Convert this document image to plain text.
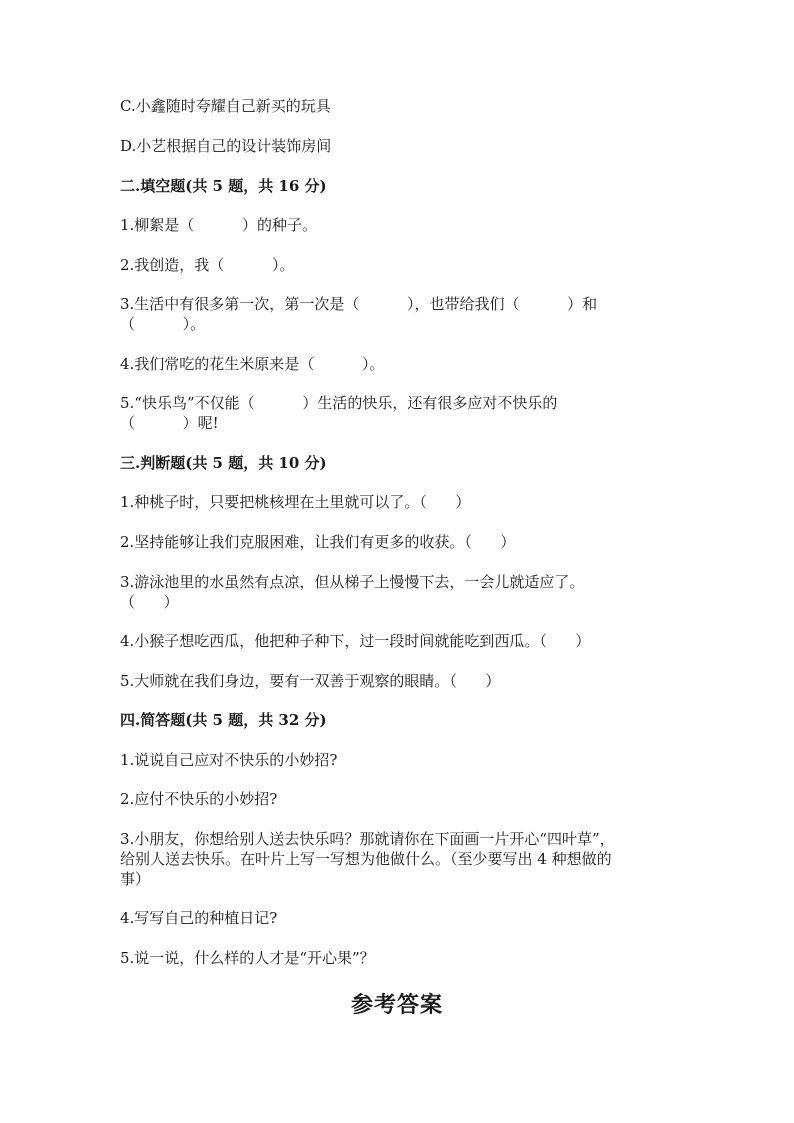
C.小鑫随时夸耀自己新买的玩具
D.小艺根据自己的设计装饰房间
二.填空题(共 5 题，共 16 分)
1.柳絮是（          ）的种子。
2.我创造，我（          ）。
3.生活中有很多第一次，第一次是（          ），也带给我们（          ）和
（          ）。
4.我们常吃的花生米原来是（          ）。
5.“快乐鸟”不仅能（          ）生活的快乐，还有很多应对不快乐的
（          ）呢!
三.判断题(共 5 题，共 10 分)
1.种桃子时，只要把桃核埋在土里就可以了。（      ）
2.坚持能够让我们克服困难，让我们有更多的收获。（      ）
3.游泳池里的水虽然有点凉，但从梯子上慢慢下去，一会儿就适应了。
（      ）
4.小猴子想吃西瓜，他把种子种下，过一段时间就能吃到西瓜。（      ）
5.大师就在我们身边，要有一双善于观察的眼睛。（      ）
四.简答题(共 5 题，共 32 分)
1.说说自己应对不快乐的小妙招?
2.应付不快乐的小妙招?
3.小朋友，你想给别人送去快乐吗？那就请你在下面画一片开心“四叶草”，
给别人送去快乐。在叶片上写一写想为他做什么。（至少要写出 4 种想做的
事）
4.写写自己的种植日记?
5.说一说，什么样的人才是“开心果”？
参考答案
